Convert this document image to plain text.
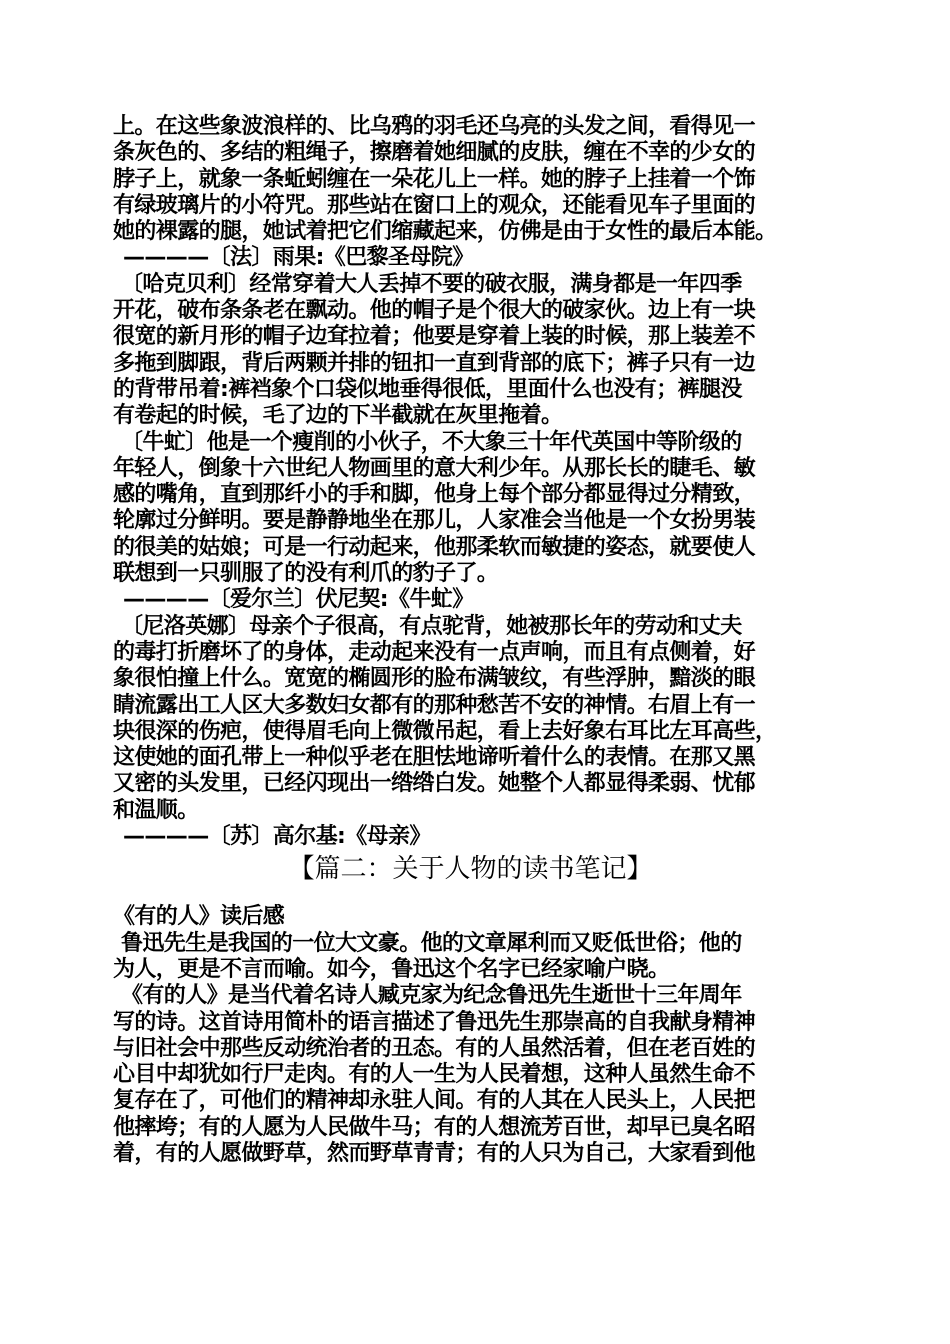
上。在这些象波浪样的、比乌鸦的羽毛还乌亮的头发之间，看得见一
条灰色的、多结的粗绳子，擦磨着她细腻的皮肤，缠在不幸的少女的
脖子上，就象一条蚯蚓缠在一朵花儿上一样。她的脖子上挂着一个饰
有绿玻璃片的小符咒。那些站在窗口上的观众，还能看见车子里面的
她的裸露的腿，她试着把它们缩藏起来，仿佛是由于女性的最后本能。
————〔法〕雨果:《巴黎圣母院》
〔哈克贝利〕经常穿着大人丢掉不要的破衣服，满身都是一年四季
开花，破布条条老在飘动。他的帽子是个很大的破家伙。边上有一块
很宽的新月形的帽子边耷拉着；他要是穿着上装的时候，那上装差不
多拖到脚跟，背后两颗并排的钮扣一直到背部的底下；裤子只有一边
的背带吊着:裤裆象个口袋似地垂得很低，里面什么也没有；裤腿没
有卷起的时候，毛了边的下半截就在灰里拖着。
〔牛虻〕他是一个瘦削的小伙子，不大象三十年代英国中等阶级的
年轻人，倒象十六世纪人物画里的意大利少年。从那长长的睫毛、敏
感的嘴角，直到那纤小的手和脚，他身上每个部分都显得过分精致，
轮廓过分鲜明。要是静静地坐在那儿，人家准会当他是一个女扮男装
的很美的姑娘；可是一行动起来，他那柔软而敏捷的姿态，就要使人
联想到一只驯服了的没有利爪的豹子了。
————〔爱尔兰〕伏尼契:《牛虻》
〔尼洛英娜〕母亲个子很高，有点驼背，她被那长年的劳动和丈夫
的毒打折磨坏了的身体，走动起来没有一点声响，而且有点侧着，好
象很怕撞上什么。宽宽的椭圆形的脸布满皱纹，有些浮肿，黯淡的眼
睛流露出工人区大多数妇女都有的那种愁苦不安的神情。右眉上有一
块很深的伤疤，使得眉毛向上微微吊起，看上去好象右耳比左耳高些，
这使她的面孔带上一种似乎老在胆怯地谛听着什么的表情。在那又黑
又密的头发里，已经闪现出一绺绺白发。她整个人都显得柔弱、忧郁
和温顺。
————〔苏〕高尔基:《母亲》
【篇二：关于人物的读书笔记】
《有的人》读后感
鲁迅先生是我国的一位大文豪。他的文章犀利而又贬低世俗；他的
为人，更是不言而喻。如今，鲁迅这个名字已经家喻户晓。
《有的人》是当代着名诗人臧克家为纪念鲁迅先生逝世十三年周年
写的诗。这首诗用简朴的语言描述了鲁迅先生那崇高的自我献身精神
与旧社会中那些反动统治者的丑态。有的人虽然活着，但在老百姓的
心目中却犹如行尸走肉。有的人一生为人民着想，这种人虽然生命不
复存在了，可他们的精神却永驻人间。有的人其在人民头上，人民把
他摔垮；有的人愿为人民做牛马；有的人想流芳百世，却早已臭名昭
着，有的人愿做野草，然而野草青青；有的人只为自己，大家看到他
